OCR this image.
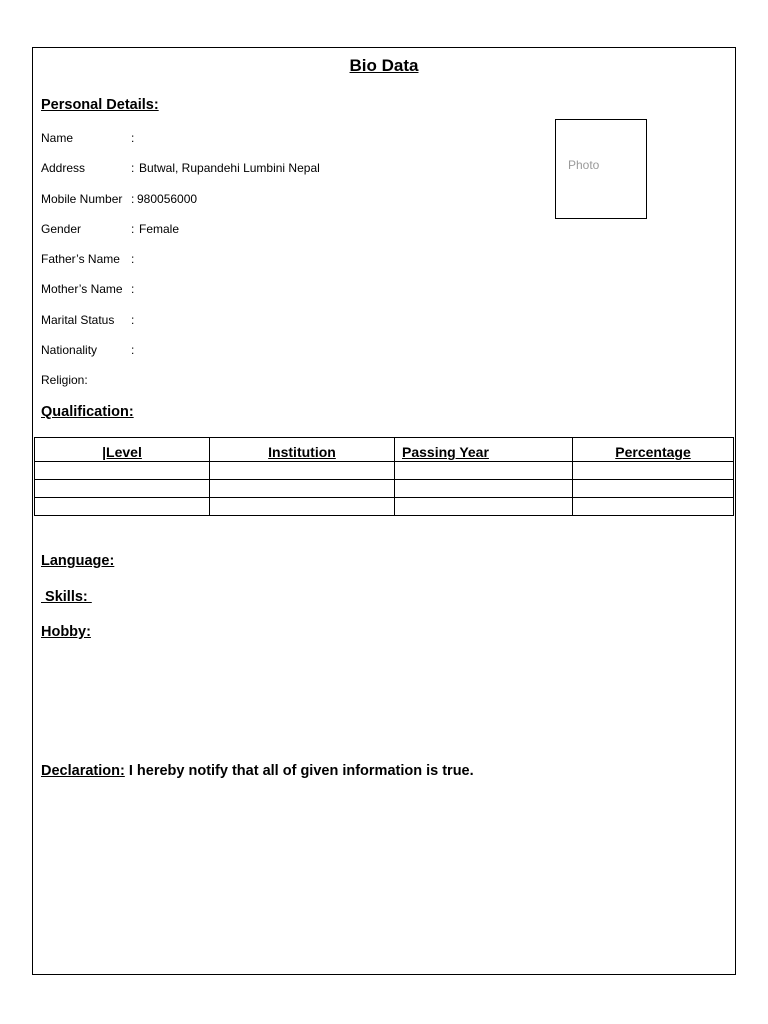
Bio Data
Personal Details:
Name	:
Address	: Butwal, Rupandehi Lumbini Nepal
Mobile Number : 980056000
Gender	: Female
Father’s Name :
Mother’s Name :
Marital Status :
Nationality	:
Religion:
Photo
Qualification:
|Level	Institution	Passing Year	Percentage

Language:
Skills:
Hobby:
Declaration: I hereby notify that all of given information is true.
